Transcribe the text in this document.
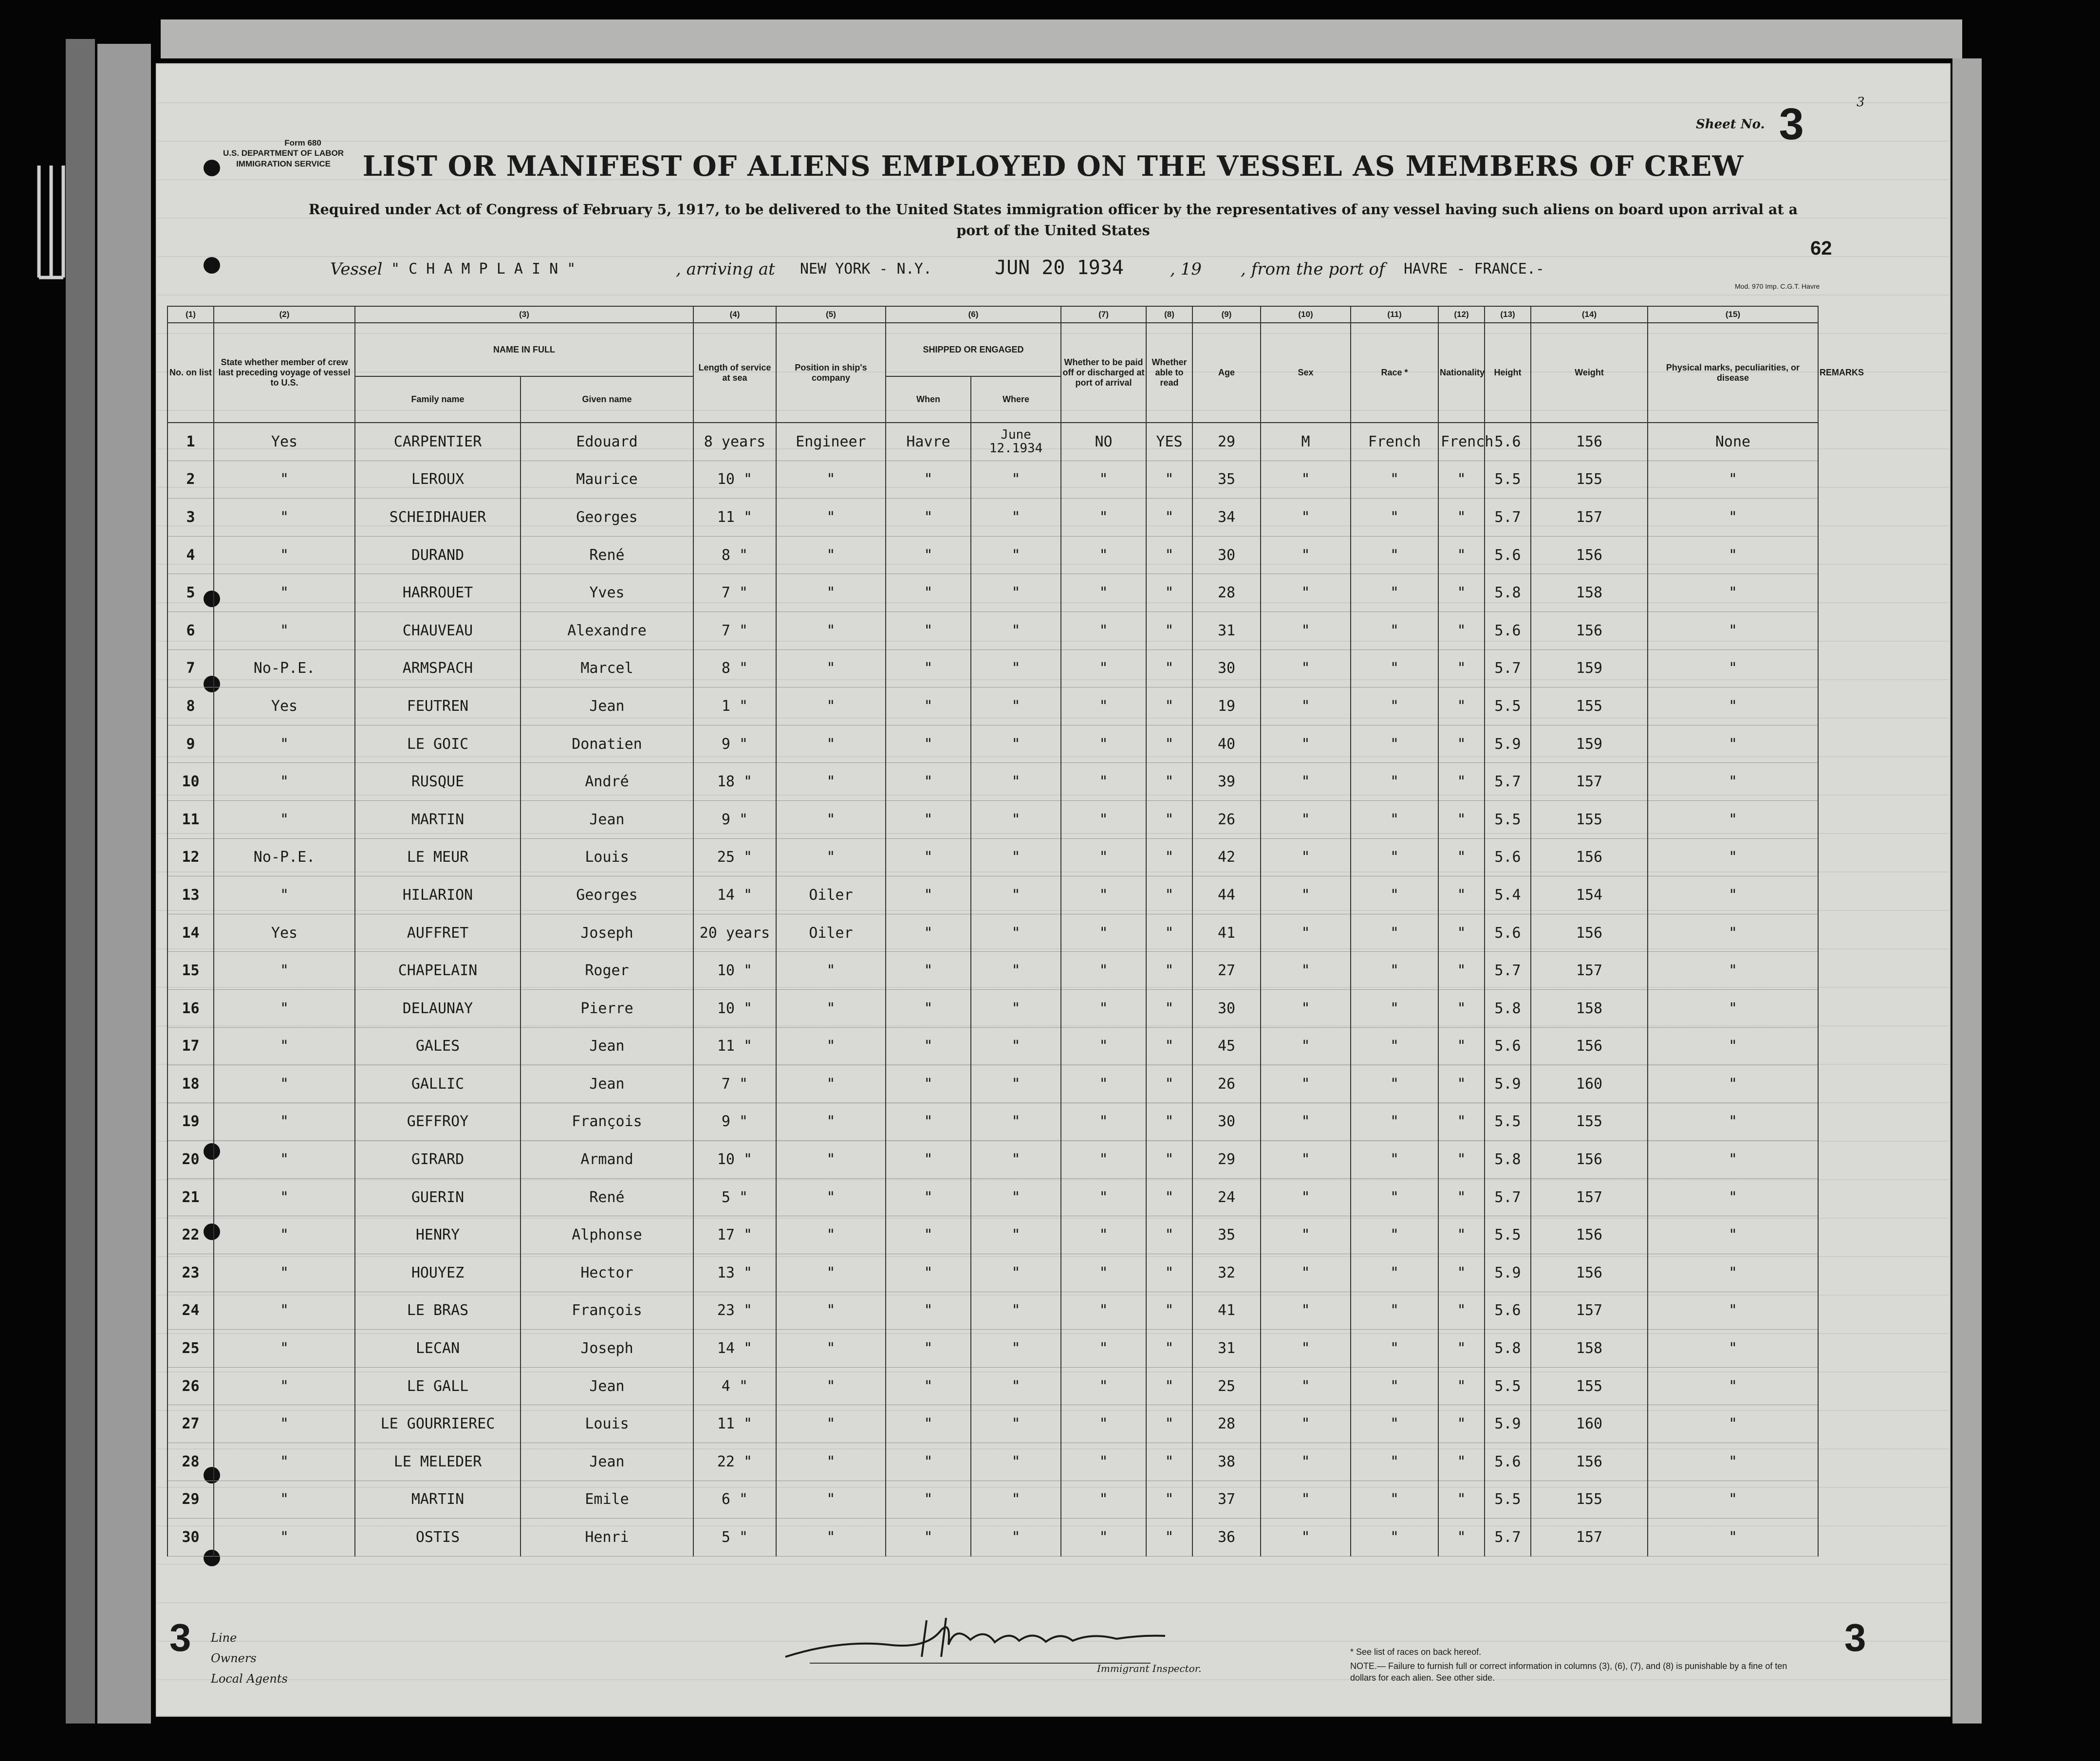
Form 680
U.S. DEPARTMENT OF LABOR
IMMIGRATION SERVICE
Sheet No. 3	3
LIST OR MANIFEST OF ALIENS EMPLOYED ON THE VESSEL AS MEMBERS OF CREW
Required under Act of Congress of February 5, 1917, to be delivered to the United States immigration officer by the representatives of any vessel having such aliens on board upon arrival at a
port of the United States
62
Vessel " C H A M P L A I N "	, arriving at NEW YORK - N.Y.	JUN 20 1934	, 19 , from the port of HAVRE - FRANCE.-
Mod. 970 Imp. C.G.T. Havre
(1)	(2)	(3)		(4)	(5)	(6)		(7)	(8)	(9)	(10)	(11)	(12)	(13)	(14)	(15)	
No. on list	State whether member of crew last preceding voyage of vessel to U.S.	NAME IN FULL		Length of service at sea	Position in ship's company	SHIPPED OR ENGAGED		Whether to be paid off or discharged at port of arrival	Whether able to read	Age	Sex	Race *	Nationality	Height	Weight	Physical marks, peculiarities, or disease	REMARKS
		Family name	Given name			When	Where										
1	Yes	CARPENTIER	Edouard	8 years	Engineer	Havre	June 12.1934	NO	YES	29	M	French	French	5.6	156	None	
2	"	LEROUX	Maurice	10 "	"	"	"	"	"	35	"	"	"	5.5	155	"	
3	"	SCHEIDHAUER	Georges	11 "	"	"	"	"	"	34	"	"	"	5.7	157	"	
4	"	DURAND	René	8 "	"	"	"	"	"	30	"	"	"	5.6	156	"	
5	"	HARROUET	Yves	7 "	"	"	"	"	"	28	"	"	"	5.8	158	"	
6	"	CHAUVEAU	Alexandre	7 "	"	"	"	"	"	31	"	"	"	5.6	156	"	
7	No-P.E.	ARMSPACH	Marcel	8 "	"	"	"	"	"	30	"	"	"	5.7	159	"	
8	Yes	FEUTREN	Jean	1 "	"	"	"	"	"	19	"	"	"	5.5	155	"	
9	"	LE GOIC	Donatien	9 "	"	"	"	"	"	40	"	"	"	5.9	159	"	
10	"	RUSQUE	André	18 "	"	"	"	"	"	39	"	"	"	5.7	157	"	
11	"	MARTIN	Jean	9 "	"	"	"	"	"	26	"	"	"	5.5	155	"	
12	No-P.E.	LE MEUR	Louis	25 "	"	"	"	"	"	42	"	"	"	5.6	156	"	
13	"	HILARION	Georges	14 "	Oiler	"	"	"	"	44	"	"	"	5.4	154	"	
14	Yes	AUFFRET	Joseph	20 years	Oiler	"	"	"	"	41	"	"	"	5.6	156	"	
15	"	CHAPELAIN	Roger	10 "	"	"	"	"	"	27	"	"	"	5.7	157	"	
16	"	DELAUNAY	Pierre	10 "	"	"	"	"	"	30	"	"	"	5.8	158	"	
17	"	GALES	Jean	11 "	"	"	"	"	"	45	"	"	"	5.6	156	"	
18	"	GALLIC	Jean	7 "	"	"	"	"	"	26	"	"	"	5.9	160	"	
19	"	GEFFROY	François	9 "	"	"	"	"	"	30	"	"	"	5.5	155	"	
20	"	GIRARD	Armand	10 "	"	"	"	"	"	29	"	"	"	5.8	156	"	
21	"	GUERIN	René	5 "	"	"	"	"	"	24	"	"	"	5.7	157	"	
22	"	HENRY	Alphonse	17 "	"	"	"	"	"	35	"	"	"	5.5	156	"	
23	"	HOUYEZ	Hector	13 "	"	"	"	"	"	32	"	"	"	5.9	156	"	
24	"	LE BRAS	François	23 "	"	"	"	"	"	41	"	"	"	5.6	157	"	
25	"	LECAN	Joseph	14 "	"	"	"	"	"	31	"	"	"	5.8	158	"	
26	"	LE GALL	Jean	4 "	"	"	"	"	"	25	"	"	"	5.5	155	"	
27	"	LE GOURRIEREC	Louis	11 "	"	"	"	"	"	28	"	"	"	5.9	160	"	
28	"	LE MELEDER	Jean	22 "	"	"	"	"	"	38	"	"	"	5.6	156	"	
29	"	MARTIN	Emile	6 "	"	"	"	"	"	37	"	"	"	5.5	155	"	
30	"	OSTIS	Henri	5 "	"	"	"	"	"	36	"	"	"	5.7	157	"	
3	3
Line
Owners
Local Agents
Immigrant Inspector.
* See list of races on back hereof.
NOTE.— Failure to furnish full or correct information in columns (3), (6), (7), and (8) is punishable by a fine of ten dollars for each alien. See other side.
